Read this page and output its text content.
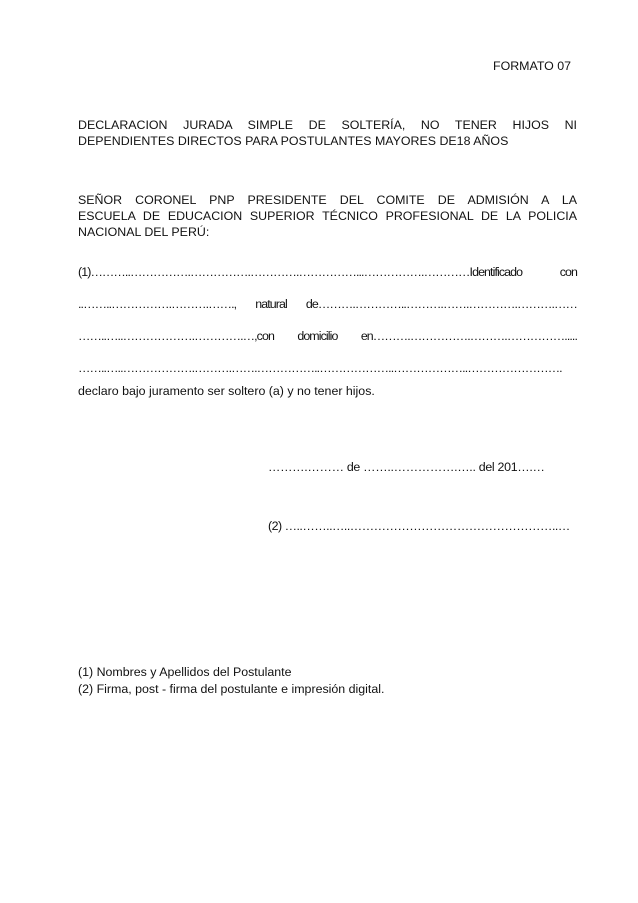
FORMATO 07
DECLARACION JURADA SIMPLE DE SOLTERÍA, NO TENER HIJOS NI
DEPENDIENTES DIRECTOS PARA POSTULANTES MAYORES DE18 AÑOS
SEÑOR CORONEL PNP PRESIDENTE DEL COMITE DE ADMISIÓN A LA
ESCUELA DE EDUCACION SUPERIOR TÉCNICO PROFESIONAL DE LA POLICIA
NACIONAL DEL PERÚ:
(1)………..…………….…………….………….……………...…………….…………Identificado con
..……..…………….……….……., natural de……….…………..……….…….………….……….……
……..…..……………….………….…,con domicilio en……….…………….……….…………….....
……..…..……………….……….…….……………..………………..………………..…………………….
declaro bajo juramento ser soltero (a) y no tener hijos.
……….……… de ……..…………….….. del 201….…
(2) …..……..…..……………………………………………..…
(1) Nombres y Apellidos del Postulante
(2) Firma, post - firma del postulante e impresión digital.
